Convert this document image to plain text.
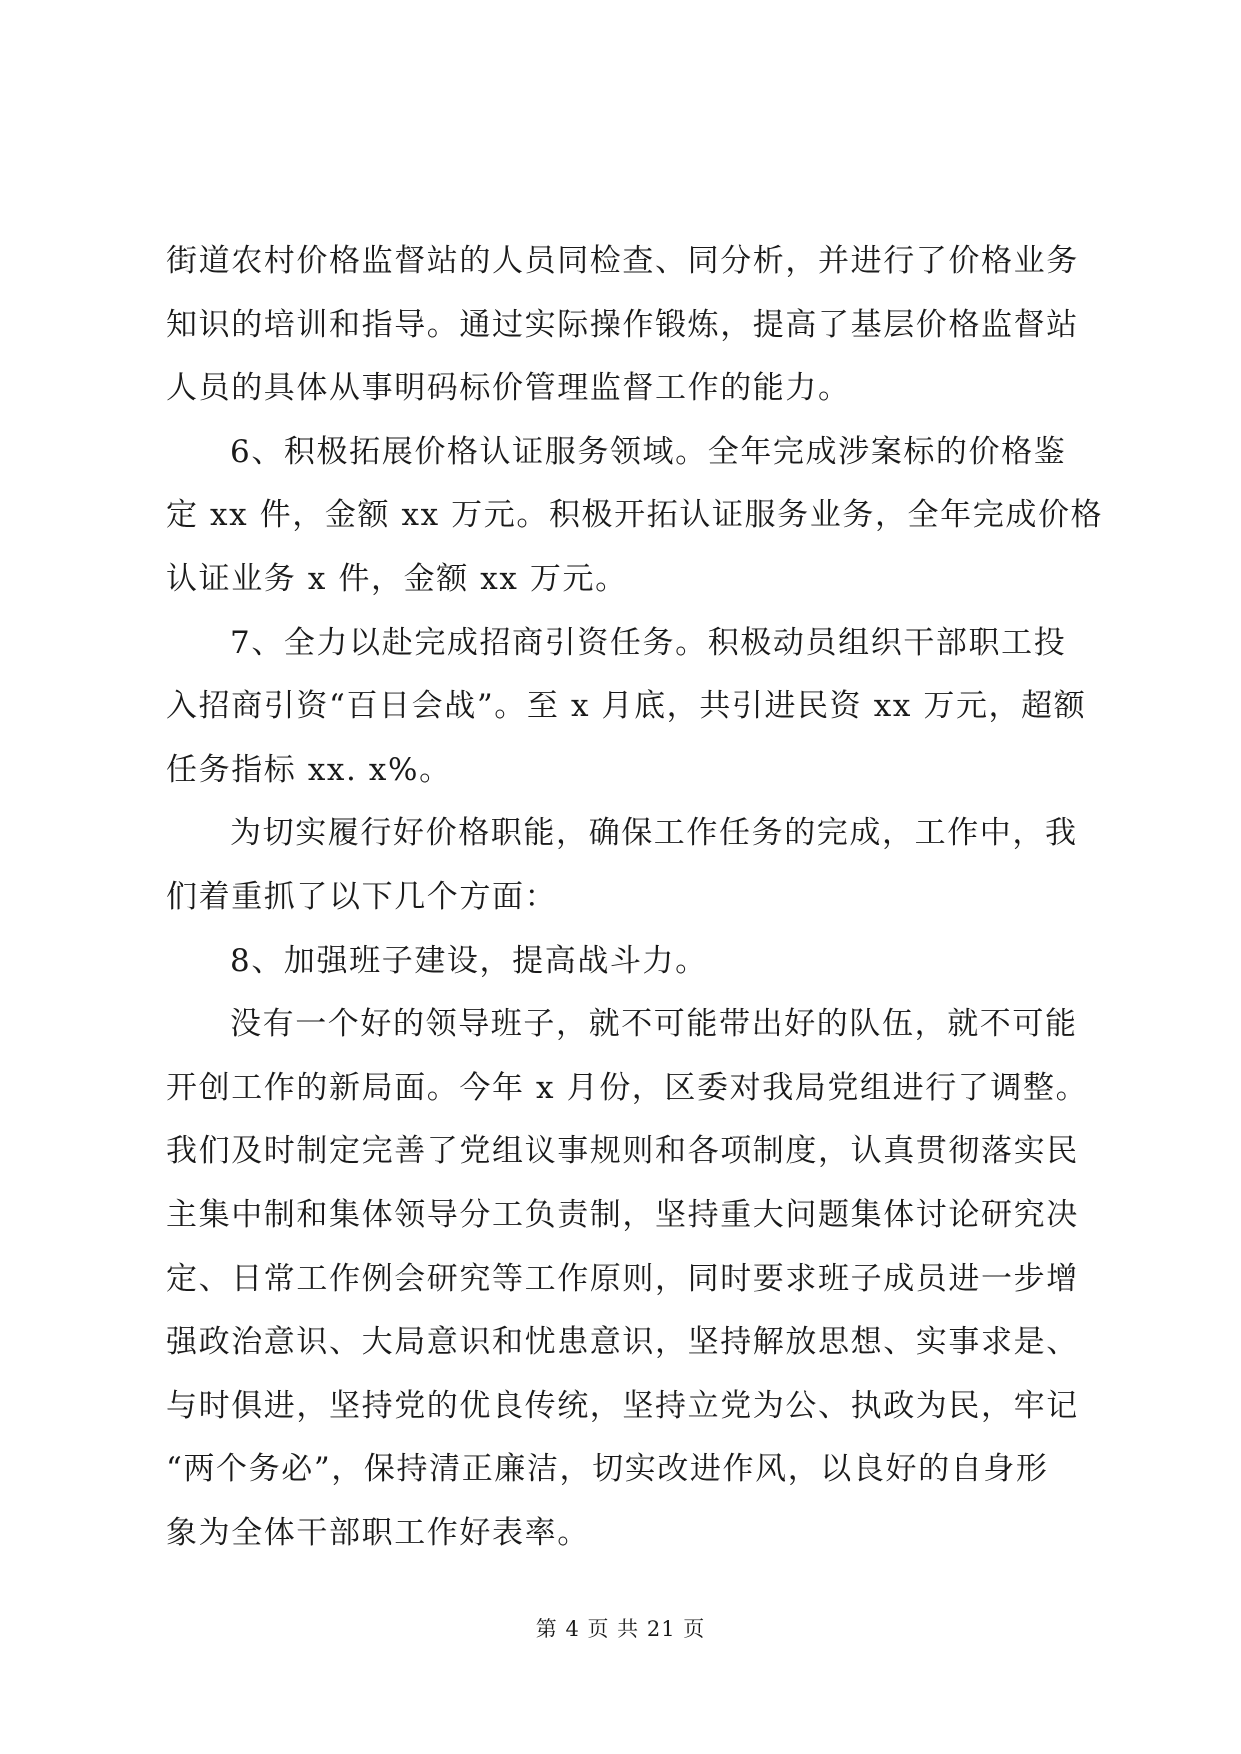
街道农村价格监督站的人员同检查、同分析，并进行了价格业务
知识的培训和指导。通过实际操作锻炼，提高了基层价格监督站
人员的具体从事明码标价管理监督工作的能力。
6、积极拓展价格认证服务领域。全年完成涉案标的价格鉴
定 xx 件，金额 xx 万元。积极开拓认证服务业务，全年完成价格
认证业务 x 件，金额 xx 万元。
7、全力以赴完成招商引资任务。积极动员组织干部职工投
入招商引资“百日会战”。至 x 月底，共引进民资 xx 万元，超额
任务指标 xx. x%。
为切实履行好价格职能，确保工作任务的完成，工作中，我
们着重抓了以下几个方面：
8、加强班子建设，提高战斗力。
没有一个好的领导班子，就不可能带出好的队伍，就不可能
开创工作的新局面。今年 x 月份，区委对我局党组进行了调整。
我们及时制定完善了党组议事规则和各项制度，认真贯彻落实民
主集中制和集体领导分工负责制，坚持重大问题集体讨论研究决
定、日常工作例会研究等工作原则，同时要求班子成员进一步增
强政治意识、大局意识和忧患意识，坚持解放思想、实事求是、
与时俱进，坚持党的优良传统，坚持立党为公、执政为民，牢记
“两个务必”，保持清正廉洁，切实改进作风，以良好的自身形
象为全体干部职工作好表率。
第 4 页 共 21 页
